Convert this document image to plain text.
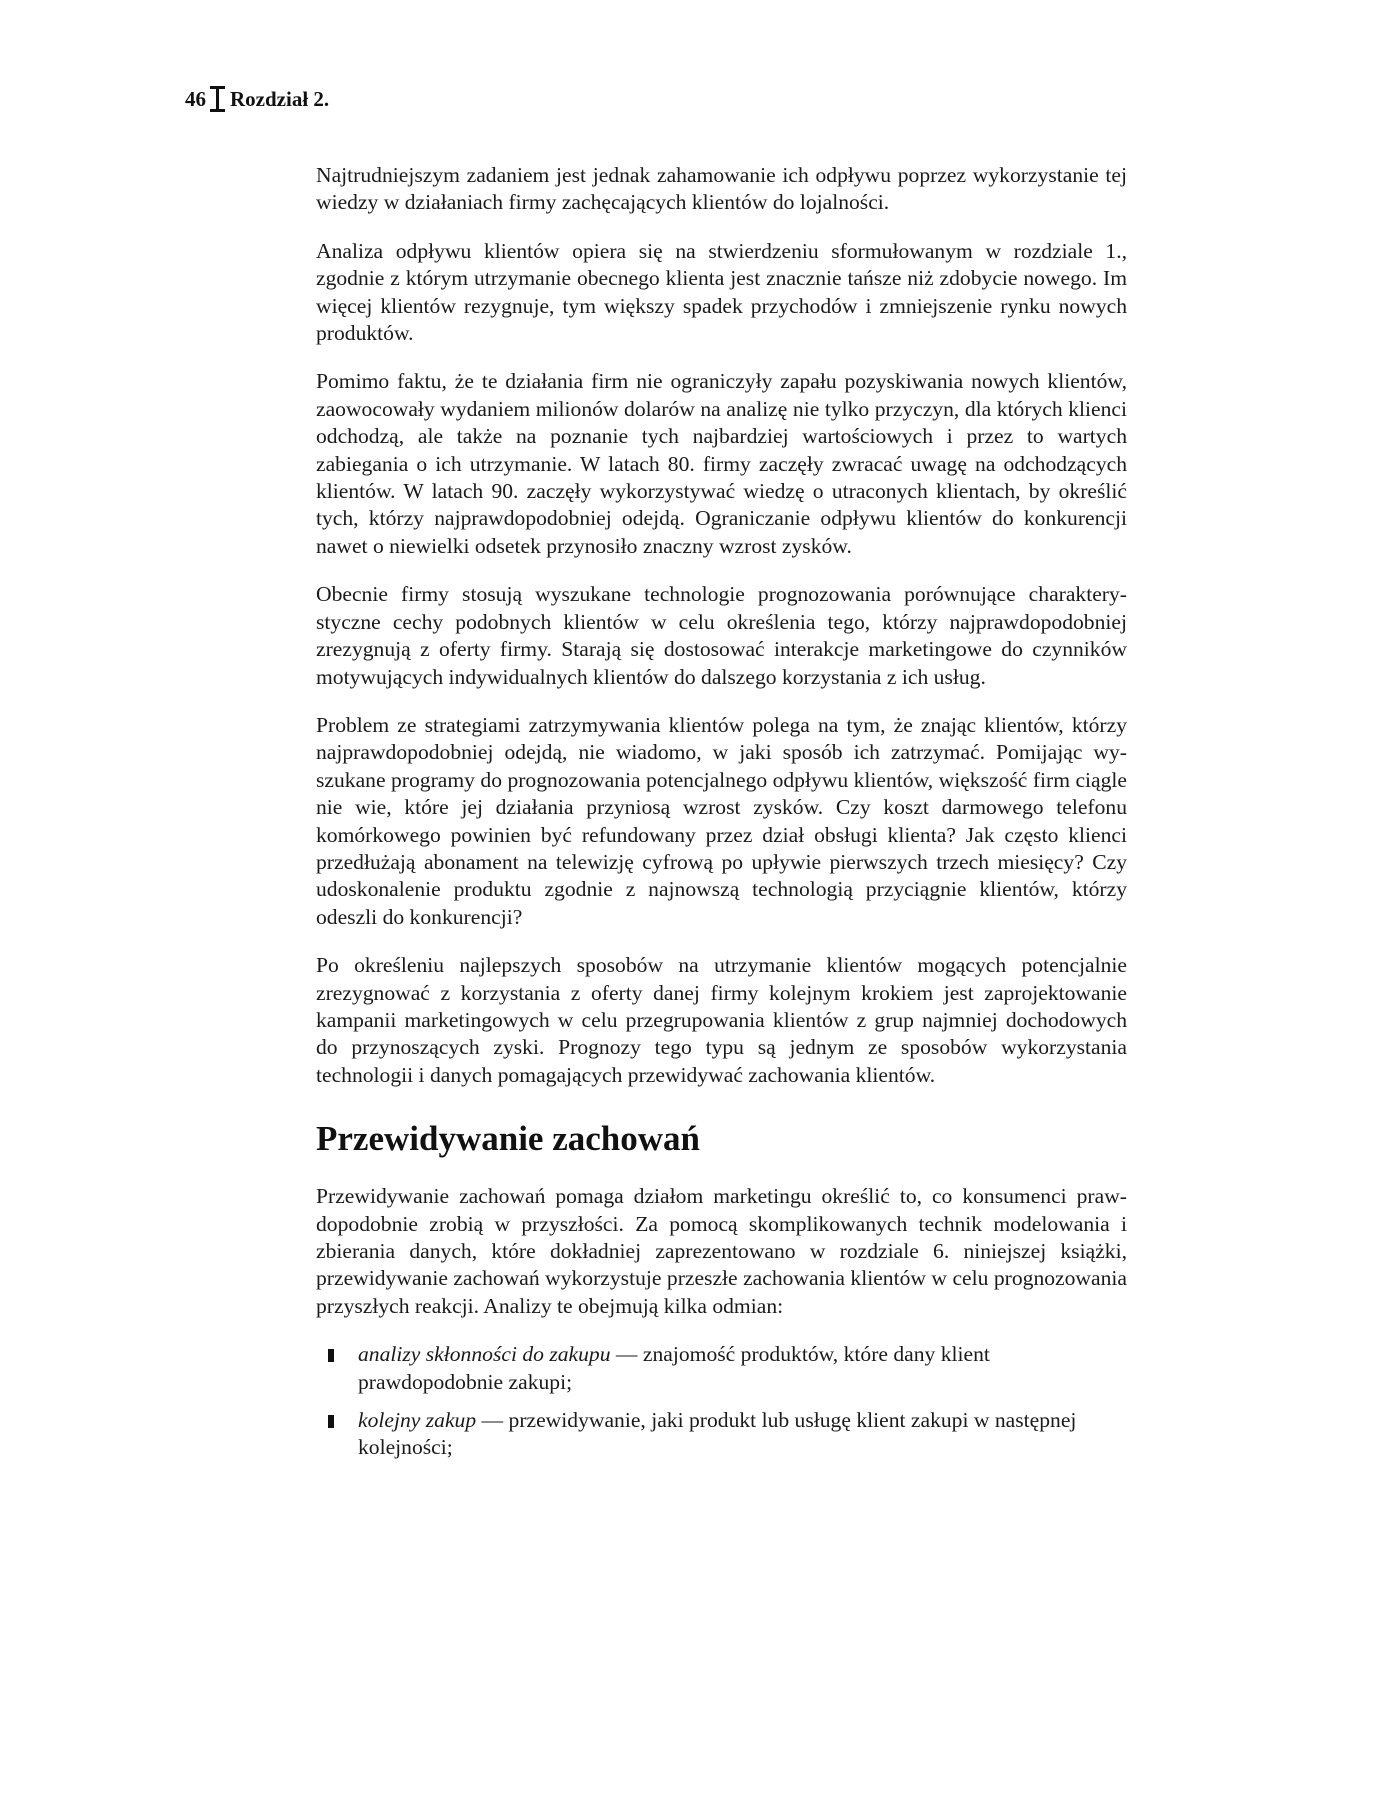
46 Rozdział 2.

Najtrudniejszym zadaniem jest jednak zahamowanie ich odpływu poprzez wykorzystanie tej wiedzy w działaniach firmy zachęcających klientów do lojalności.

Analiza odpływu klientów opiera się na stwierdzeniu sformułowanym w rozdziale 1., zgodnie z którym utrzymanie obecnego klienta jest znacznie tańsze niż zdobycie nowego. Im więcej klientów rezygnuje, tym większy spadek przychodów i zmniejszenie rynku nowych produktów.

Pomimo faktu, że te działania firm nie ograniczyły zapału pozyskiwania nowych klientów, zaowocowały wydaniem milionów dolarów na analizę nie tylko przyczyn, dla których klienci odchodzą, ale także na poznanie tych najbardziej wartościowych i przez to wartych zabiegania o ich utrzymanie. W latach 80. firmy zaczęły zwracać uwagę na odchodzących klientów. W latach 90. zaczęły wykorzystywać wiedzę o utraconych klientach, by określić tych, którzy najprawdopodobniej odejdą. Ograniczanie odpływu klientów do konkurencji nawet o niewielki odsetek przynosiło znaczny wzrost zysków.

Obecnie firmy stosują wyszukane technologie prognozowania porównujące charakterystyczne cechy podobnych klientów w celu określenia tego, którzy najprawdopodobniej zrezygnują z oferty firmy. Starają się dostosować interakcje marketingowe do czynników motywujących indywidualnych klientów do dalszego korzystania z ich usług.

Problem ze strategiami zatrzymywania klientów polega na tym, że znając klientów, którzy najprawdopodobniej odejdą, nie wiadomo, w jaki sposób ich zatrzymać. Pomijając wyszukane programy do prognozowania potencjalnego odpływu klientów, większość firm ciągle nie wie, które jej działania przyniosą wzrost zysków. Czy koszt darmowego telefonu komórkowego powinien być refundowany przez dział obsługi klienta? Jak często klienci przedłużają abonament na telewizję cyfrową po upływie pierwszych trzech miesięcy? Czy udoskonalenie produktu zgodnie z najnowszą technologią przyciągnie klientów, którzy odeszli do konkurencji?

Po określeniu najlepszych sposobów na utrzymanie klientów mogących potencjalnie zrezygnować z korzystania z oferty danej firmy kolejnym krokiem jest zaprojektowanie kampanii marketingowych w celu przegrupowania klientów z grup najmniej dochodowych do przynoszących zyski. Prognozy tego typu są jednym ze sposobów wykorzystania technologii i danych pomagających przewidywać zachowania klientów.

Przewidywanie zachowań

Przewidywanie zachowań pomaga działom marketingu określić to, co konsumenci prawdopodobnie zrobią w przyszłości. Za pomocą skomplikowanych technik modelowania i zbierania danych, które dokładniej zaprezentowano w rozdziale 6. niniejszej książki, przewidywanie zachowań wykorzystuje przeszłe zachowania klientów w celu prognozowania przyszłych reakcji. Analizy te obejmują kilka odmian:

analizy skłonności do zakupu — znajomość produktów, które dany klient prawdopodobnie zakupi;
kolejny zakup — przewidywanie, jaki produkt lub usługę klient zakupi w następnej kolejności;
